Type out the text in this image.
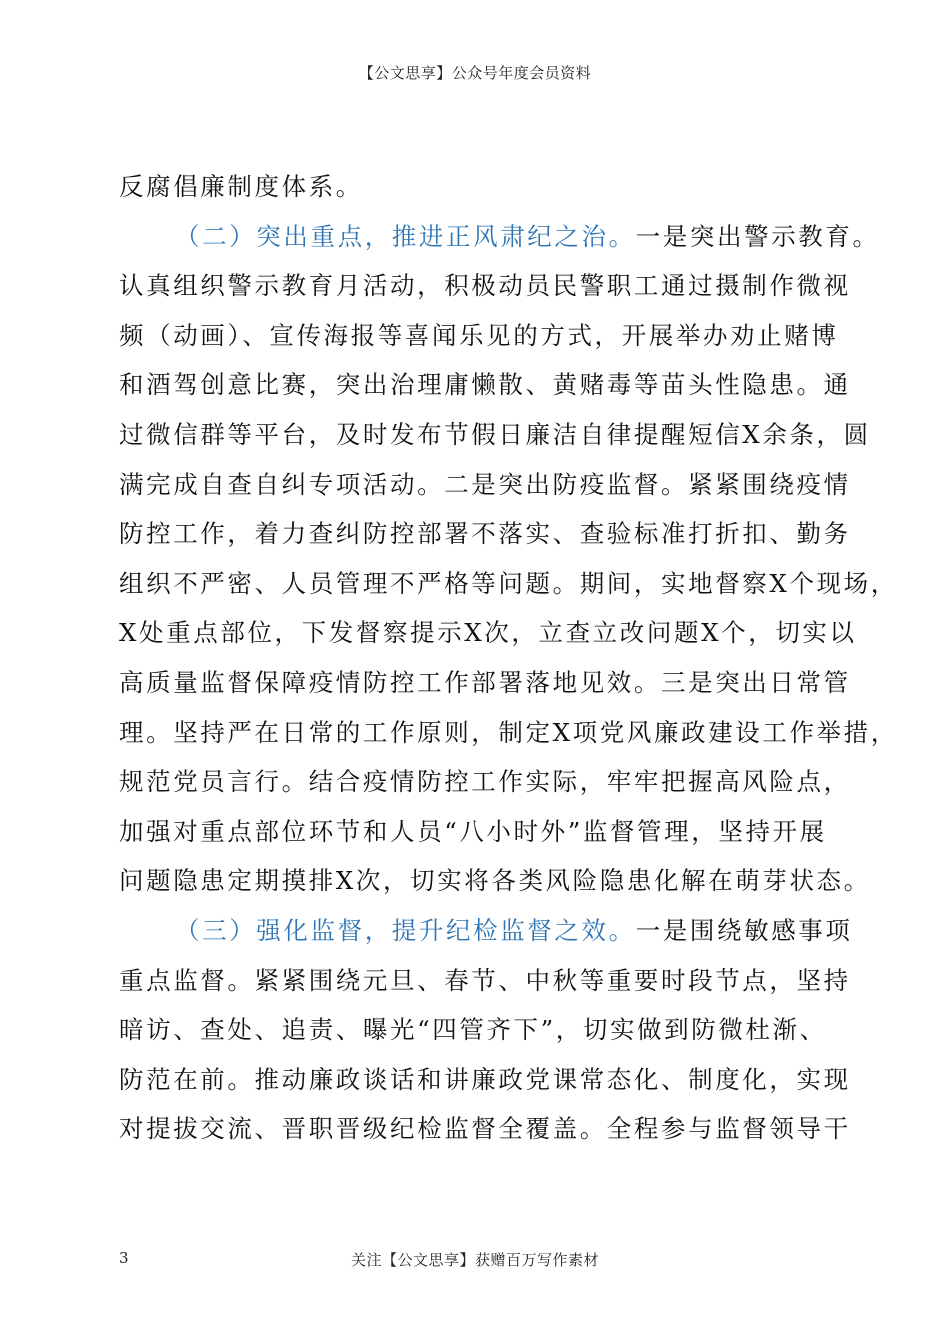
【公文思享】公众号年度会员资料
反腐倡廉制度体系。
（二）突出重点，推进正风肃纪之治。一是突出警示教育。
认真组织警示教育月活动，积极动员民警职工通过摄制作微视
频（动画）、宣传海报等喜闻乐见的方式，开展举办劝止赌博
和酒驾创意比赛，突出治理庸懒散、黄赌毒等苗头性隐患。通
过微信群等平台，及时发布节假日廉洁自律提醒短信X余条，圆
满完成自查自纠专项活动。二是突出防疫监督。紧紧围绕疫情
防控工作，着力查纠防控部署不落实、查验标准打折扣、勤务
组织不严密、人员管理不严格等问题。期间，实地督察X个现场，
X处重点部位，下发督察提示X次，立查立改问题X个，切实以
高质量监督保障疫情防控工作部署落地见效。三是突出日常管
理。坚持严在日常的工作原则，制定X项党风廉政建设工作举措，
规范党员言行。结合疫情防控工作实际，牢牢把握高风险点，
加强对重点部位环节和人员“八小时外”监督管理，坚持开展
问题隐患定期摸排X次，切实将各类风险隐患化解在萌芽状态。
（三）强化监督，提升纪检监督之效。一是围绕敏感事项
重点监督。紧紧围绕元旦、春节、中秋等重要时段节点，坚持
暗访、查处、追责、曝光“四管齐下”，切实做到防微杜渐、
防范在前。推动廉政谈话和讲廉政党课常态化、制度化，实现
对提拔交流、晋职晋级纪检监督全覆盖。全程参与监督领导干
3	关注【公文思享】获赠百万写作素材
